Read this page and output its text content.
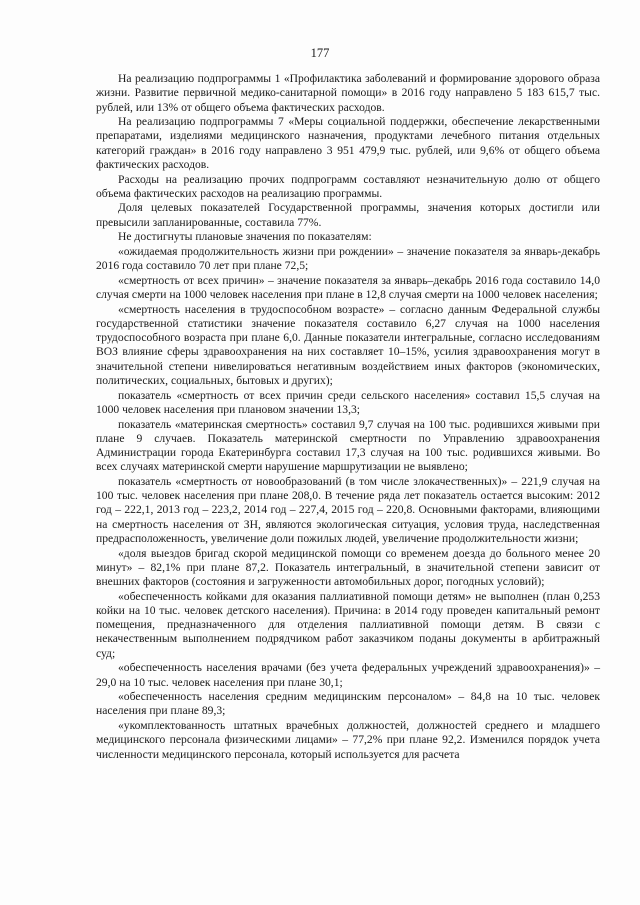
177

На реализацию подпрограммы 1 «Профилактика заболеваний и формирование здорового образа жизни. Развитие первичной медико-санитарной помощи» в 2016 году направлено 5 183 615,7 тыс. рублей, или 13% от общего объема фактических расходов.

На реализацию подпрограммы 7 «Меры социальной поддержки, обеспечение лекарственными препаратами, изделиями медицинского назначения, продуктами лечебного питания отдельных категорий граждан» в 2016 году направлено 3 951 479,9 тыс. рублей, или 9,6% от общего объема фактических расходов.

Расходы на реализацию прочих подпрограмм составляют незначительную долю от общего объема фактических расходов на реализацию программы.

Доля целевых показателей Государственной программы, значения которых достигли или превысили запланированные, составила 77%.

Не достигнуты плановые значения по показателям:

«ожидаемая продолжительность жизни при рождении» – значение показателя за январь-декабрь 2016 года составило 70 лет при плане 72,5;

«смертность от всех причин» – значение показателя за январь–декабрь 2016 года составило 14,0 случая смерти на 1000 человек населения при плане в 12,8 случая смерти на 1000 человек населения;

«смертность населения в трудоспособном возрасте» – согласно данным Федеральной службы государственной статистики значение показателя составило 6,27 случая на 1000 населения трудоспособного возраста при плане 6,0. Данные показатели интегральные, согласно исследованиям ВОЗ влияние сферы здравоохранения на них составляет 10–15%, усилия здравоохранения могут в значительной степени нивелироваться негативным воздействием иных факторов (экономических, политических, социальных, бытовых и других);

показатель «смертность от всех причин среди сельского населения» составил 15,5 случая на 1000 человек населения при плановом значении 13,3;

показатель «материнская смертность» составил 9,7 случая на 100 тыс. родившихся живыми при плане 9 случаев. Показатель материнской смертности по Управлению здравоохранения Администрации города Екатеринбурга составил 17,3 случая на 100 тыс. родившихся живыми. Во всех случаях материнской смерти нарушение маршрутизации не выявлено;

показатель «смертность от новообразований (в том числе злокачественных)» – 221,9 случая на 100 тыс. человек населения при плане 208,0. В течение ряда лет показатель остается высоким: 2012 год – 222,1, 2013 год – 223,2, 2014 год – 227,4, 2015 год – 220,8. Основными факторами, влияющими на смертность населения от ЗН, являются экологическая ситуация, условия труда, наследственная предрасположенность, увеличение доли пожилых людей, увеличение продолжительности жизни;

«доля выездов бригад скорой медицинской помощи со временем доезда до больного менее 20 минут» – 82,1% при плане 87,2. Показатель интегральный, в значительной степени зависит от внешних факторов (состояния и загруженности автомобильных дорог, погодных условий);

«обеспеченность койками для оказания паллиативной помощи детям» не выполнен (план 0,253 койки на 10 тыс. человек детского населения). Причина: в 2014 году проведен капитальный ремонт помещения, предназначенного для отделения паллиативной помощи детям. В связи с некачественным выполнением подрядчиком работ заказчиком поданы документы в арбитражный суд;

«обеспеченность населения врачами (без учета федеральных учреждений здравоохранения)» – 29,0 на 10 тыс. человек населения при плане 30,1;

«обеспеченность населения средним медицинским персоналом» – 84,8 на 10 тыс. человек населения при плане 89,3;

«укомплектованность штатных врачебных должностей, должностей среднего и младшего медицинского персонала физическими лицами» – 77,2% при плане 92,2. Изменился порядок учета численности медицинского персонала, который используется для расчета
